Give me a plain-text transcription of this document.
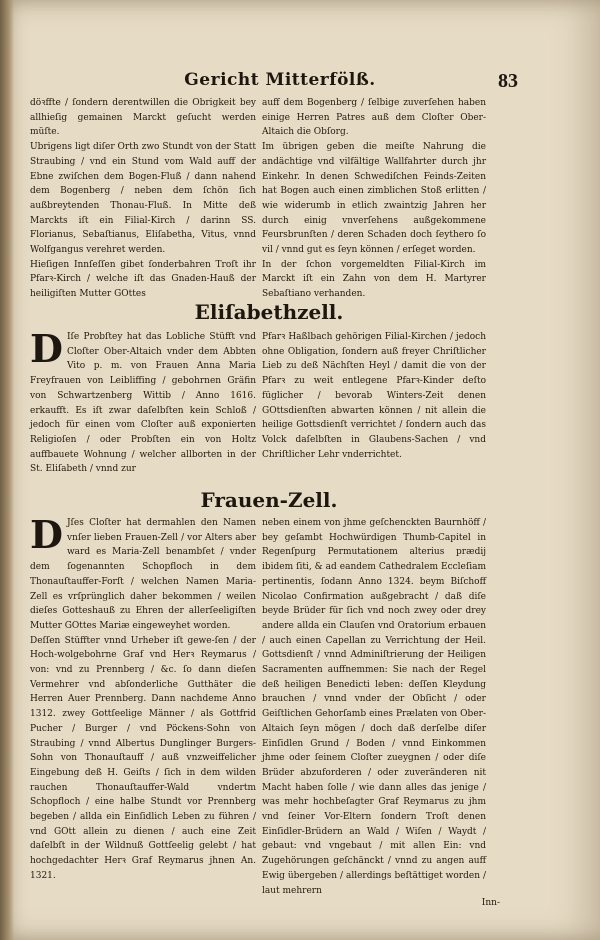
Gericht Mitterfölß.	83

döꝛffte / ſondern derentwillen die Obrigkeit bey allhieſig gemainen Marckt geſucht werden müſte.

Ubrigens ligt diſer Orth zwo Stundt von der Statt Straubing / vnd ein Stund vom Wald auff der Ebne zwiſchen dem Bogen-Fluß / dann nahend dem Bogenberg / neben dem ſchön ſich außbreytenden Thonau-Fluß. In Mitte deß Marckts iſt ein Filial-Kirch / darinn SS. Florianus, Sebaſtianus, Eliſabetha, Vitus, vnnd Wolfgangus verehret werden.

Hieſigen Innſeſſen gibet ſonderbahren Troſt ihr Pfarꝛ-Kirch / welche iſt das Gnaden-Hauß der heiligiſten Mutter GOttes

auff dem Bogenberg / ſelbige zuverſehen haben einige Herren Patres auß dem Cloſter Ober-Altaich die Obſorg.

Im übrigen geben die meiſte Nahrung die andächtige vnd vilfältige Wallfahrter durch jhr Einkehr. In denen Schwediſchen Feinds-Zeiten hat Bogen auch einen zimblichen Stoß erlitten / wie widerumb in etlich zwaintzig Jahren her durch einig vnverſehens außgekommene Feursbrunſten / deren Schaden doch ſeythero ſo vil / vnnd gut es ſeyn können / erſeget worden.

In der ſchon vorgemeldten Filial-Kirch im Marckt iſt ein Zahn von dem H. Martyrer Sebaſtiano verhanden.

Eliſabethzell.
D Iſe Probſtey hat das Lobliche Stüfft vnd Cloſter Ober-Altaich vnder dem Abbten Vito p. m. von Frauen Anna Maria Freyfrauen von Leibliffing / gebohrnen Gräfin von Schwartzenberg Wittib / Anno 1616. erkaufft. Es iſt zwar daſelbſten kein Schloß / jedoch für einen vom Cloſter auß exponierten Religioſen / oder Probſten ein von Holtz auffbauete Wohnung / welcher allborten in der St. Eliſabeth / vnnd zur
Pfarꝛ Haßlbach gehörigen Filial-Kirchen / jedoch ohne Obligation, ſondern auß freyer Chriſtlicher Lieb zu deß Nächſten Heyl / damit die von der Pfarꝛ zu weit entlegene Pfarꝛ-Kinder deſto füglicher / bevorab Winters-Zeit denen GOttsdienſten abwarten können / nit allein die heilige Gottsdienſt verrichtet / ſondern auch das Volck daſelbſten in Glaubens-Sachen / vnd Chriſtlicher Lehr vnderrichtet.
Frauen-Zell.

D Jſes Cloſter hat dermahlen den Namen vnſer lieben Frauen-Zell / vor Alters aber ward es Maria-Zell benambſet / vnder dem ſogenannten Schopfloch in dem Thonauſtauffer-Forſt / welchen Namen Maria-Zell es vrſprünglich daher bekommen / weilen dieſes Gotteshauß zu Ehren der allerſeeligiſten Mutter GOttes Mariæ eingeweyhet worden.

Deſſen Stüffter vnnd Urheber iſt gewe-ſen / der Hoch-wolgebohrne Graf vnd Herꝛ Reymarus / von: vnd zu Prennberg / &c. ſo dann dieſen Vermehrer vnd abſonderliche Gutthäter die Herren Auer Prennberg. Dann nachdeme Anno 1312. zwey Gottſeelige Männer / als Gottfrid Pucher / Burger / vnd Pöckens-Sohn von Straubing / vnnd Albertus Dunglinger Burgers-Sohn von Thonauſtauff / auß vnzweiffelicher Eingebung deß H. Geiſts / ſich in dem wilden rauchen Thonauſtauffer-Wald vndertm Schopfloch / eine halbe Stundt vor Prennberg begeben / allda ein Einſidlich Leben zu führen / vnd GOtt allein zu dienen / auch eine Zeit daſelbſt in der Wildnuß Gottſeelig gelebt / hat hochgedachter Herꝛ Graf Reymarus jhnen An. 1321.

neben einem von jhme geſchenckten Baurnhöff / bey geſambt Hochwürdigen Thumb-Capitel in Regenſpurg Permutationem alterius prædij ibidem ſiti, & ad eandem Cathedralem Eccleſiam pertinentis, ſodann Anno 1324. beym Biſchoff Nicolao Confirmation außgebracht / daß diſe beyde Brüder für ſich vnd noch zwey oder drey andere allda ein Clauſen vnd Oratorium erbauen / auch einen Capellan zu Verrichtung der Heil. Gottsdienſt / vnnd Adminiſtrierung der Heiligen Sacramenten auffnemmen: Sie nach der Regel deß heiligen Benedicti leben: deſſen Kleydung brauchen / vnnd vnder der Obſicht / oder Geiſtlichen Gehorſamb eines Prælaten von Ober-Altaich ſeyn mögen / doch daß derſelbe diſer Einſidlen Grund / Boden / vnnd Einkommen jhme oder ſeinem Cloſter zueygnen / oder diſe Brüder abzuforderen / oder zuveränderen nit Macht haben ſolle / wie dann alles das jenige / was mehr hochbeſagter Graf Reymarus zu jhm vnd ſeiner Vor-Eltern ſondern Troſt denen Einſidler-Brüdern an Wald / Wiſen / Waydt / gebaut: vnd vngebaut / mit allen Ein: vnd Zugehörungen geſchänckt / vnnd zu angen auff Ewig übergeben / allerdings beſtättiget worden / laut mehrern

Inn-
